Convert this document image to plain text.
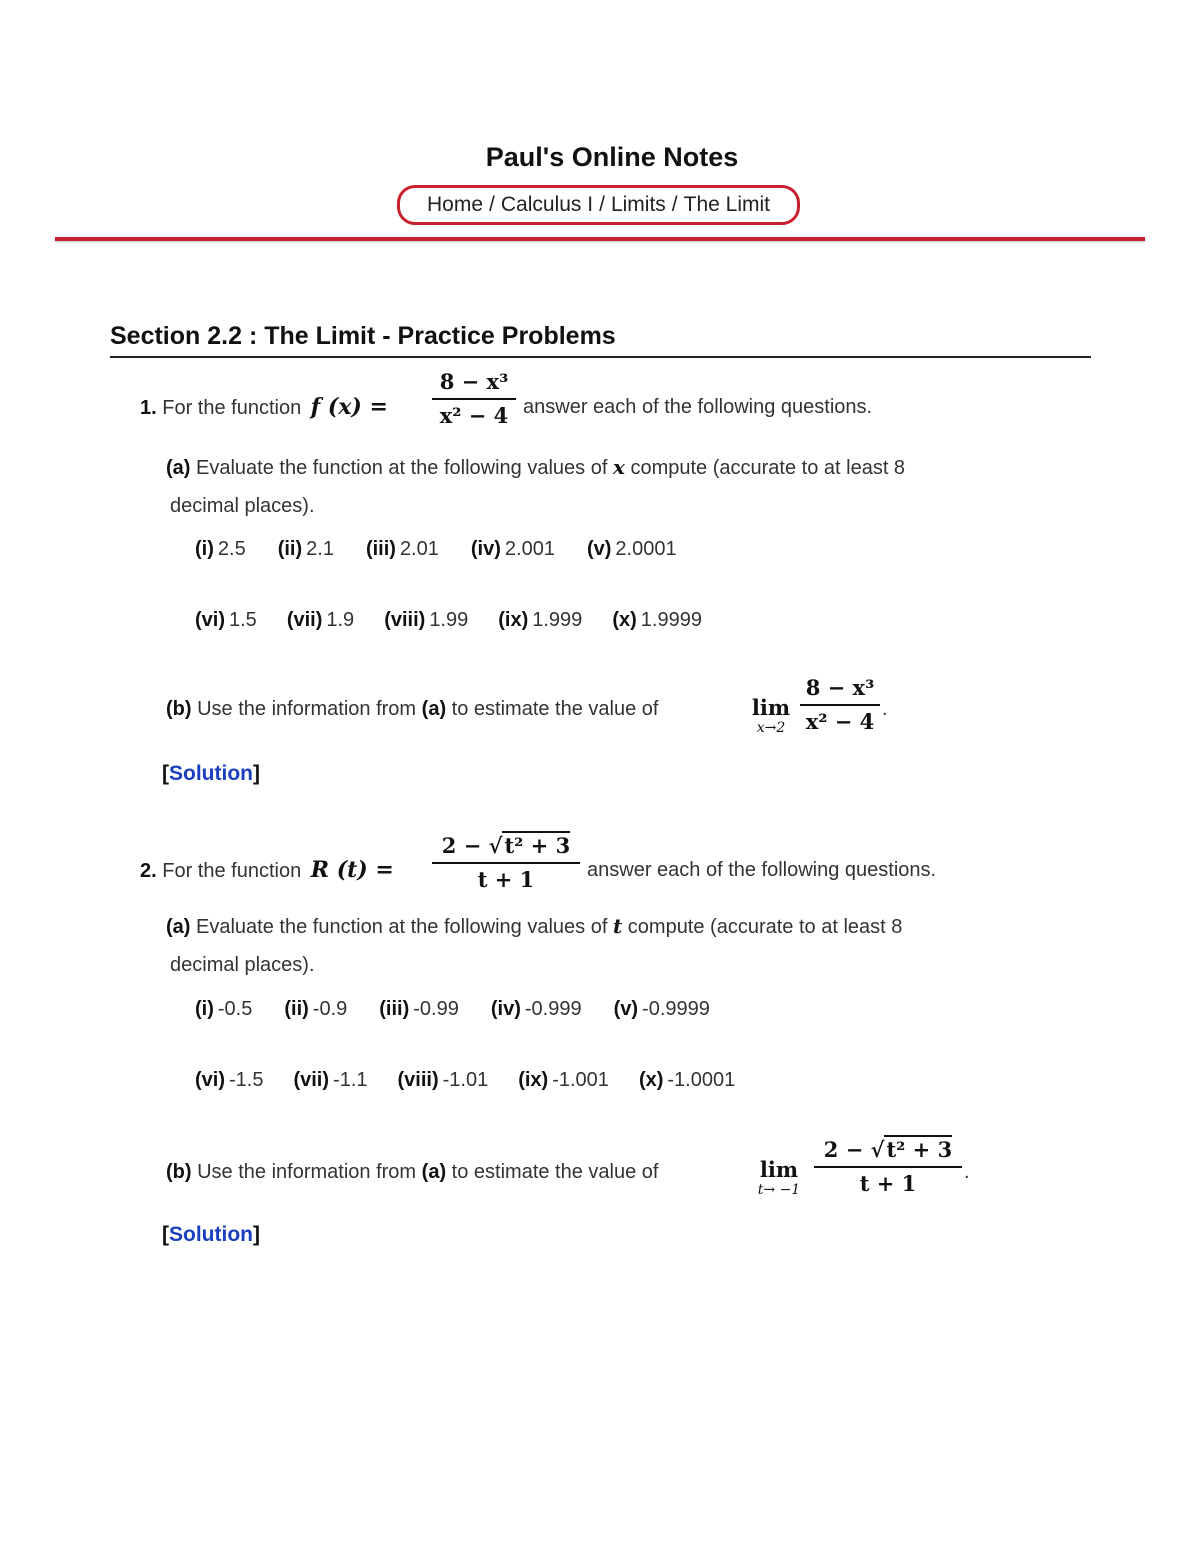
Paul's Online Notes
Home / Calculus I / Limits / The Limit
Section 2.2 : The Limit - Practice Problems
1. For the function f (x) =
8 − x³
x² − 4 answer each of the following questions.
(a) Evaluate the function at the following values of x compute (accurate to at least 8
decimal places).
(i) 2.5 (ii) 2.1 (iii) 2.01 (iv) 2.001 (v) 2.0001
(vi) 1.5 (vii) 1.9 (viii) 1.99 (ix) 1.999 (x) 1.9999
(b) Use the information from (a) to estimate the value of	lim
x→2
8 − x³
x² − 4 .
[Solution]
2. For the function R (t) =
2 − √t² + 3
t + 1	answer each of the following questions.
(a) Evaluate the function at the following values of t compute (accurate to at least 8
decimal places).
(i) -0.5 (ii) -0.9 (iii) -0.99 (iv) -0.999 (v) -0.9999
(vi) -1.5 (vii) -1.1 (viii) -1.01 (ix) -1.001 (x) -1.0001
(b) Use the information from (a) to estimate the value of	lim
t→ −1
2 − √t² + 3
t + 1	.
[Solution]
